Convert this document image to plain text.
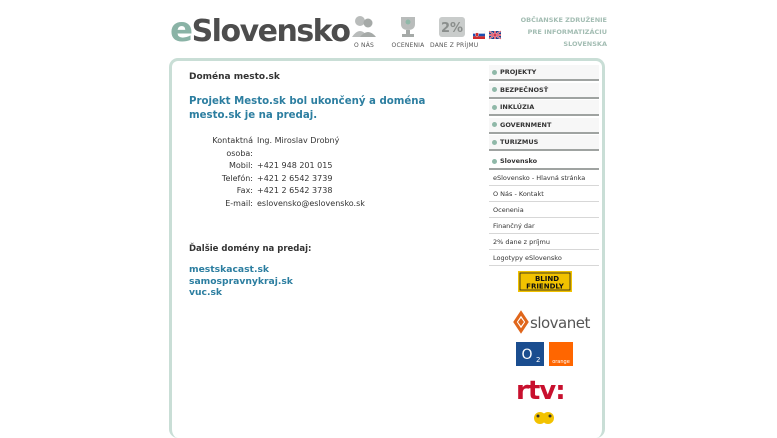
eSlovensko O NÁS	OCENENIA
2%
DANE Z PRÍJMU
OBČIANSKE ZDRUŽENIE
PRE INFORMATIZÁCIU
SLOVENSKA
Doména mesto.sk
Projekt Mesto.sk bol ukončený a doména mesto.sk je na predaj.
Kontaktná osoba:	Ing. Miroslav Drobný
Mobil:	+421 948 201 015
Telefón:	+421 2 6542 3739
Fax:	+421 2 6542 3738
E-mail:	eslovensko@eslovensko.sk
Ďalšie domény na predaj:
mestskacast.sk
samospravnykraj.sk
vuc.sk
PROJEKTY
BEZPEČNOSŤ
INKLÚZIA
GOVERNMENT
TURIZMUS
Slovensko
eSlovensko - Hlavná stránka
O Nás - Kontakt
Ocenenia
Finančný dar
2% dane z príjmu
Logotypy eSlovensko
BLIND
FRIENDLY
slovanet
O 2 orange
rtv:
